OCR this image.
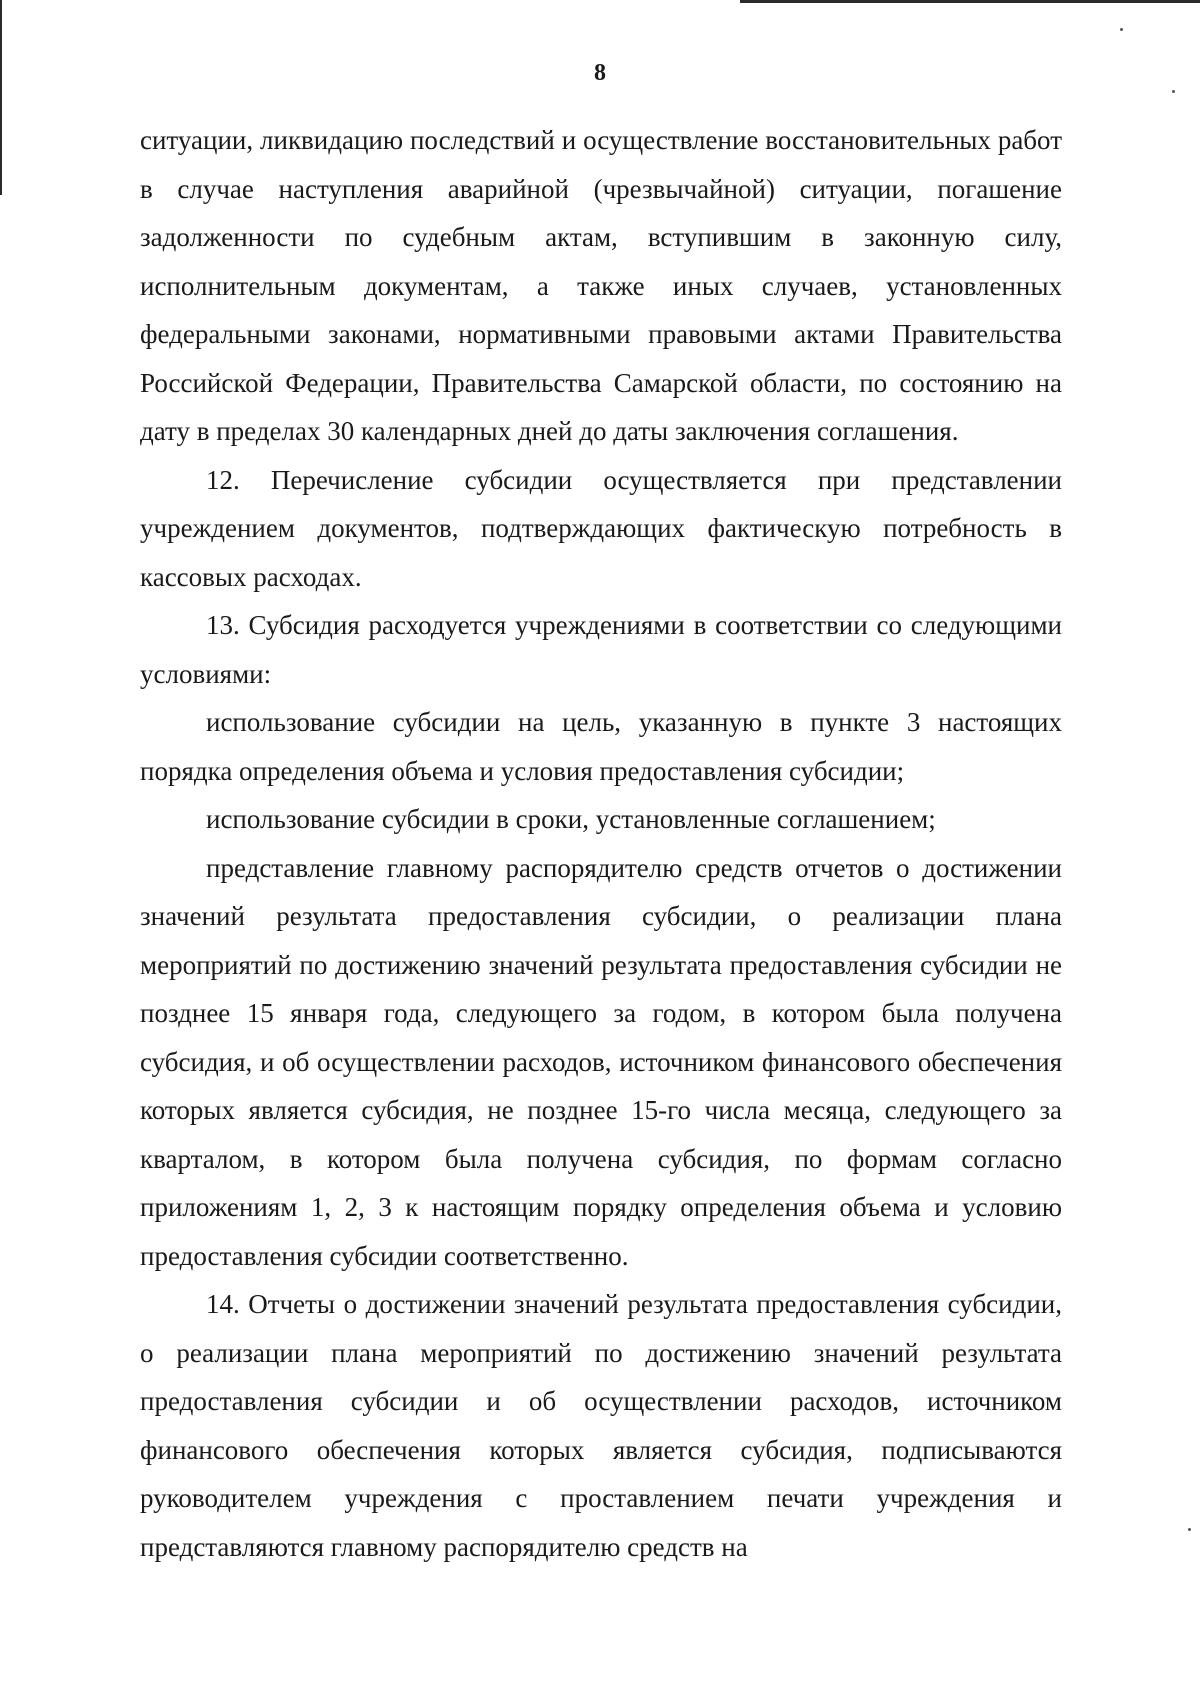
8

ситуации, ликвидацию последствий и осуществление восстановительных работ в случае наступления аварийной (чрезвычайной) ситуации, погашение задолженности по судебным актам, вступившим в законную силу, исполнительным документам, а также иных случаев, установленных федеральными законами, нормативными правовыми актами Правительства Российской Федерации, Правительства Самарской области, по состоянию на дату в пределах 30 календарных дней до даты заключения соглашения.

12. Перечисление субсидии осуществляется при представлении учреждением документов, подтверждающих фактическую потребность в кассовых расходах.

13. Субсидия расходуется учреждениями в соответствии со следующими условиями:

использование субсидии на цель, указанную в пункте 3 настоящих порядка определения объема и условия предоставления субсидии;

использование субсидии в сроки, установленные соглашением;

представление главному распорядителю средств отчетов о достижении значений результата предоставления субсидии, о реализации плана мероприятий по достижению значений результата предоставления субсидии не позднее 15 января года, следующего за годом, в котором была получена субсидия, и об осуществлении расходов, источником финансового обеспечения которых является субсидия, не позднее 15-го числа месяца, следующего за кварталом, в котором была получена субсидия, по формам согласно приложениям 1, 2, 3 к настоящим порядку определения объема и условию предоставления субсидии соответственно.

14. Отчеты о достижении значений результата предоставления субсидии, о реализации плана мероприятий по достижению значений результата предоставления субсидии и об осуществлении расходов, источником финансового обеспечения которых является субсидия, подписываются руководителем учреждения с проставлением печати учреждения и представляются главному распорядителю средств на
